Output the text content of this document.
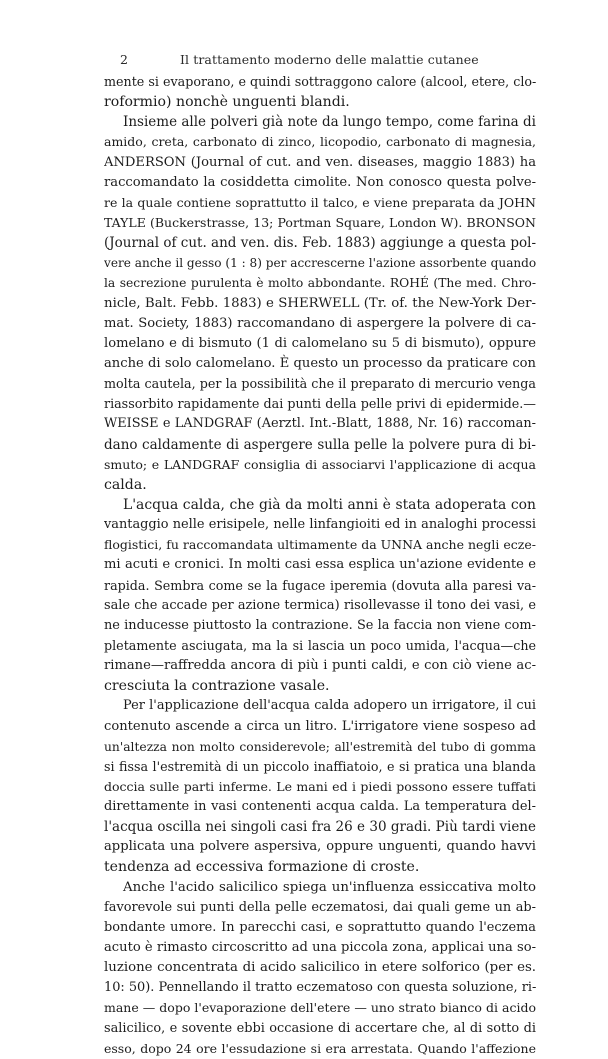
2	Il trattamento moderno delle malattie cutanee
mente si evaporano, e quindi sottraggono calore (alcool, etere, clo-
roformio) nonchè unguenti blandi.
Insieme alle polveri già note da lungo tempo, come farina di
amido, creta, carbonato di zinco, licopodio, carbonato di magnesia,
ANDERSON (Journal of cut. and ven. diseases, maggio 1883) ha
raccomandato la cosiddetta cimolite. Non conosco questa polve-
re la quale contiene soprattutto il talco, e viene preparata da JOHN
TAYLE (Buckerstrasse, 13; Portman Square, London W). BRONSON
(Journal of cut. and ven. dis. Feb. 1883) aggiunge a questa pol-
vere anche il gesso (1 : 8) per accrescerne l'azione assorbente quando
la secrezione purulenta è molto abbondante. ROHÉ (The med. Chro-
nicle, Balt. Febb. 1883) e SHERWELL (Tr. of. the New-York Der-
mat. Society, 1883) raccomandano di aspergere la polvere di ca-
lomelano e di bismuto (1 di calomelano su 5 di bismuto), oppure
anche di solo calomelano. È questo un processo da praticare con
molta cautela, per la possibilità che il preparato di mercurio venga
riassorbito rapidamente dai punti della pelle privi di epidermide.—
WEISSE e LANDGRAF (Aerztl. Int.-Blatt, 1888, Nr. 16) raccoman-
dano caldamente di aspergere sulla pelle la polvere pura di bi-
smuto; e LANDGRAF consiglia di associarvi l'applicazione di acqua
calda.
L'acqua calda, che già da molti anni è stata adoperata con
vantaggio nelle erisipele, nelle linfangioiti ed in analoghi processi
flogistici, fu raccomandata ultimamente da UNNA anche negli ecze-
mi acuti e cronici. In molti casi essa esplica un'azione evidente e
rapida. Sembra come se la fugace iperemia (dovuta alla paresi va-
sale che accade per azione termica) risollevasse il tono dei vasi, e
ne inducesse piuttosto la contrazione. Se la faccia non viene com-
pletamente asciugata, ma la si lascia un poco umida, l'acqua—che
rimane—raffredda ancora di più i punti caldi, e con ciò viene ac-
cresciuta la contrazione vasale.
Per l'applicazione dell'acqua calda adopero un irrigatore, il cui
contenuto ascende a circa un litro. L'irrigatore viene sospeso ad
un'altezza non molto considerevole; all'estremità del tubo di gomma
si fissa l'estremità di un piccolo inaffiatoio, e si pratica una blanda
doccia sulle parti inferme. Le mani ed i piedi possono essere tuffati
direttamente in vasi contenenti acqua calda. La temperatura del-
l'acqua oscilla nei singoli casi fra 26 e 30 gradi. Più tardi viene
applicata una polvere aspersiva, oppure unguenti, quando havvi
tendenza ad eccessiva formazione di croste.
Anche l'acido salicilico spiega un'influenza essiccativa molto
favorevole sui punti della pelle eczematosi, dai quali geme un ab-
bondante umore. In parecchi casi, e soprattutto quando l'eczema
acuto è rimasto circoscritto ad una piccola zona, applicai una so-
luzione concentrata di acido salicilico in etere solforico (per es.
10: 50). Pennellando il tratto eczematoso con questa soluzione, ri-
mane — dopo l'evaporazione dell'etere — uno strato bianco di acido
salicilico, e sovente ebbi occasione di accertare che, al di sotto di
esso, dopo 24 ore l'essudazione si era arrestata. Quando l'affezione
